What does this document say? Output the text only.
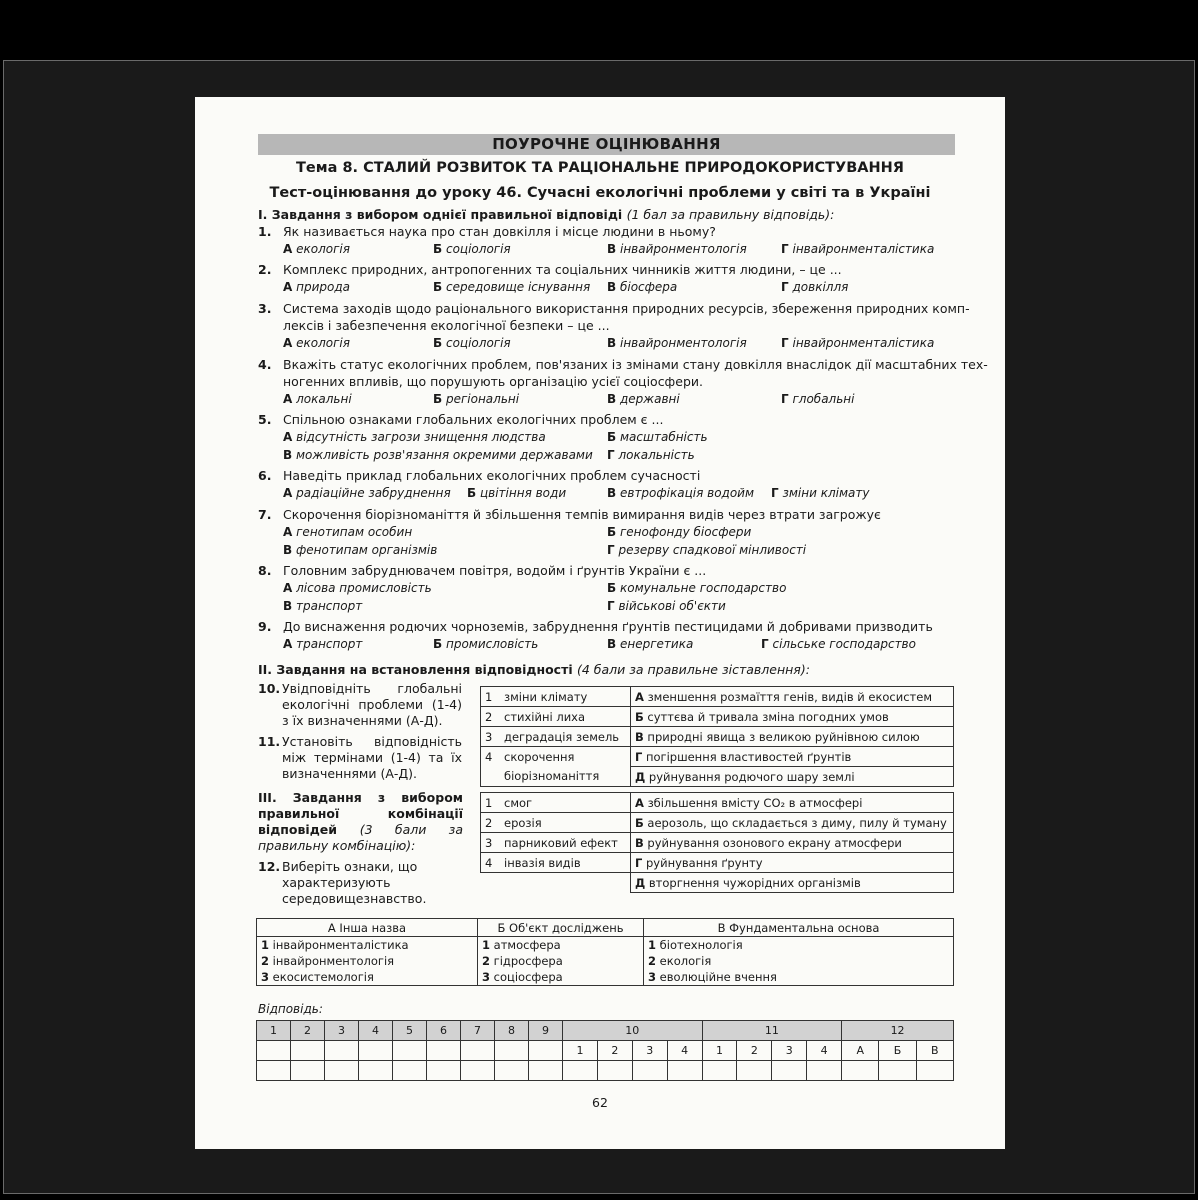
ПОУРОЧНЕ ОЦІНЮВАННЯ
Тема 8. СТАЛИЙ РОЗВИТОК ТА РАЦІОНАЛЬНЕ ПРИРОДОКОРИСТУВАННЯ
Тест-оцінювання до уроку 46. Сучасні екологічні проблеми у світі та в Україні
I. Завдання з вибором однієї правильної відповіді (1 бал за правильну відповідь):
1. Як називається наука про стан довкілля і місце людини в ньому?
А екологія	Б соціологія	В інвайронментологія	Г інвайронменталістика
2. Комплекс природних, антропогенних та соціальних чинників життя людини, – це ...
А природа	Б середовище існування В біосфера	Г довкілля
3. Система заходів щодо раціонального використання природних ресурсів, збереження природних комп-
лексів і забезпечення екологічної безпеки – це ...
А екологія	Б соціологія	В інвайронментологія	Г інвайронменталістика
4. Вкажіть статус екологічних проблем, пов'язаних із змінами стану довкілля внаслідок дії масштабних тех-
ногенних впливів, що порушують організацію усієї соціосфери.
А локальні	Б регіональні	В державні	Г глобальні
5. Спільною ознаками глобальних екологічних проблем є ...
А відсутність загрози знищення людства	Б масштабність
В можливість розв'язання окремими державами Г локальність
6. Наведіть приклад глобальних екологічних проблем сучасності
А радіаційне забруднення Б цвітіння води	В евтрофікація водойм Г зміни клімату
7. Скорочення біорізноманіття й збільшення темпів вимирання видів через втрати загрожує
А генотипам особин	Б генофонду біосфери
В фенотипам організмів	Г резерву спадкової мінливості
8. Головним забруднювачем повітря, водойм і ґрунтів України є ...
А лісова промисловість	Б комунальне господарство
В транспорт	Г військові об'єкти
9. До виснаження родючих чорноземів, забруднення ґрунтів пестицидами й добривами призводить
А транспорт	Б промисловість	В енергетика	Г сільське господарство
II. Завдання на встановлення відповідності (4 бали за правильне зіставлення):
10. Увідповідніть глобальні екологічні проблеми (1-4) з їх визначеннями (А-Д).
11. Установіть відповідність між термінами (1-4) та їх визначеннями (А-Д).
III. Завдання з вибором правильної комбінації відповідей (3 бали за правильну комбінацію):
12. Виберіть ознаки, що характеризують середовищезнавство.
1	зміни клімату	А зменшення розмаїття генів, видів й екосистем
2	стихійні лиха	Б суттєва й тривала зміна погодних умов
3	деградація земель	В природні явища з великою руйнівною силою
4	скорочення	Г погіршення властивостей ґрунтів
	біорізноманіття	Д руйнування родючого шару землі
1	смог	А збільшення вмісту CO₂ в атмосфері
2	ерозія	Б аерозоль, що складається з диму, пилу й туману
3	парниковий ефект	В руйнування озонового екрану атмосфери
4	інвазія видів	Г руйнування ґрунту
		Д вторгнення чужорідних організмів
А Інша назва	Б Об'єкт досліджень	В Фундаментальна основа
1 інвайронменталістика	1 атмосфера	1 біотехнологія
2 інвайронментологія	2 гідросфера	2 екологія
3 екосистемологія	3 соціосфера	3 еволюційне вчення
Відповідь:
1	2	3	4	5	6	7	8	9	10				11				12		
									1	2	3	4	1	2	3	4	А	Б	В

62
